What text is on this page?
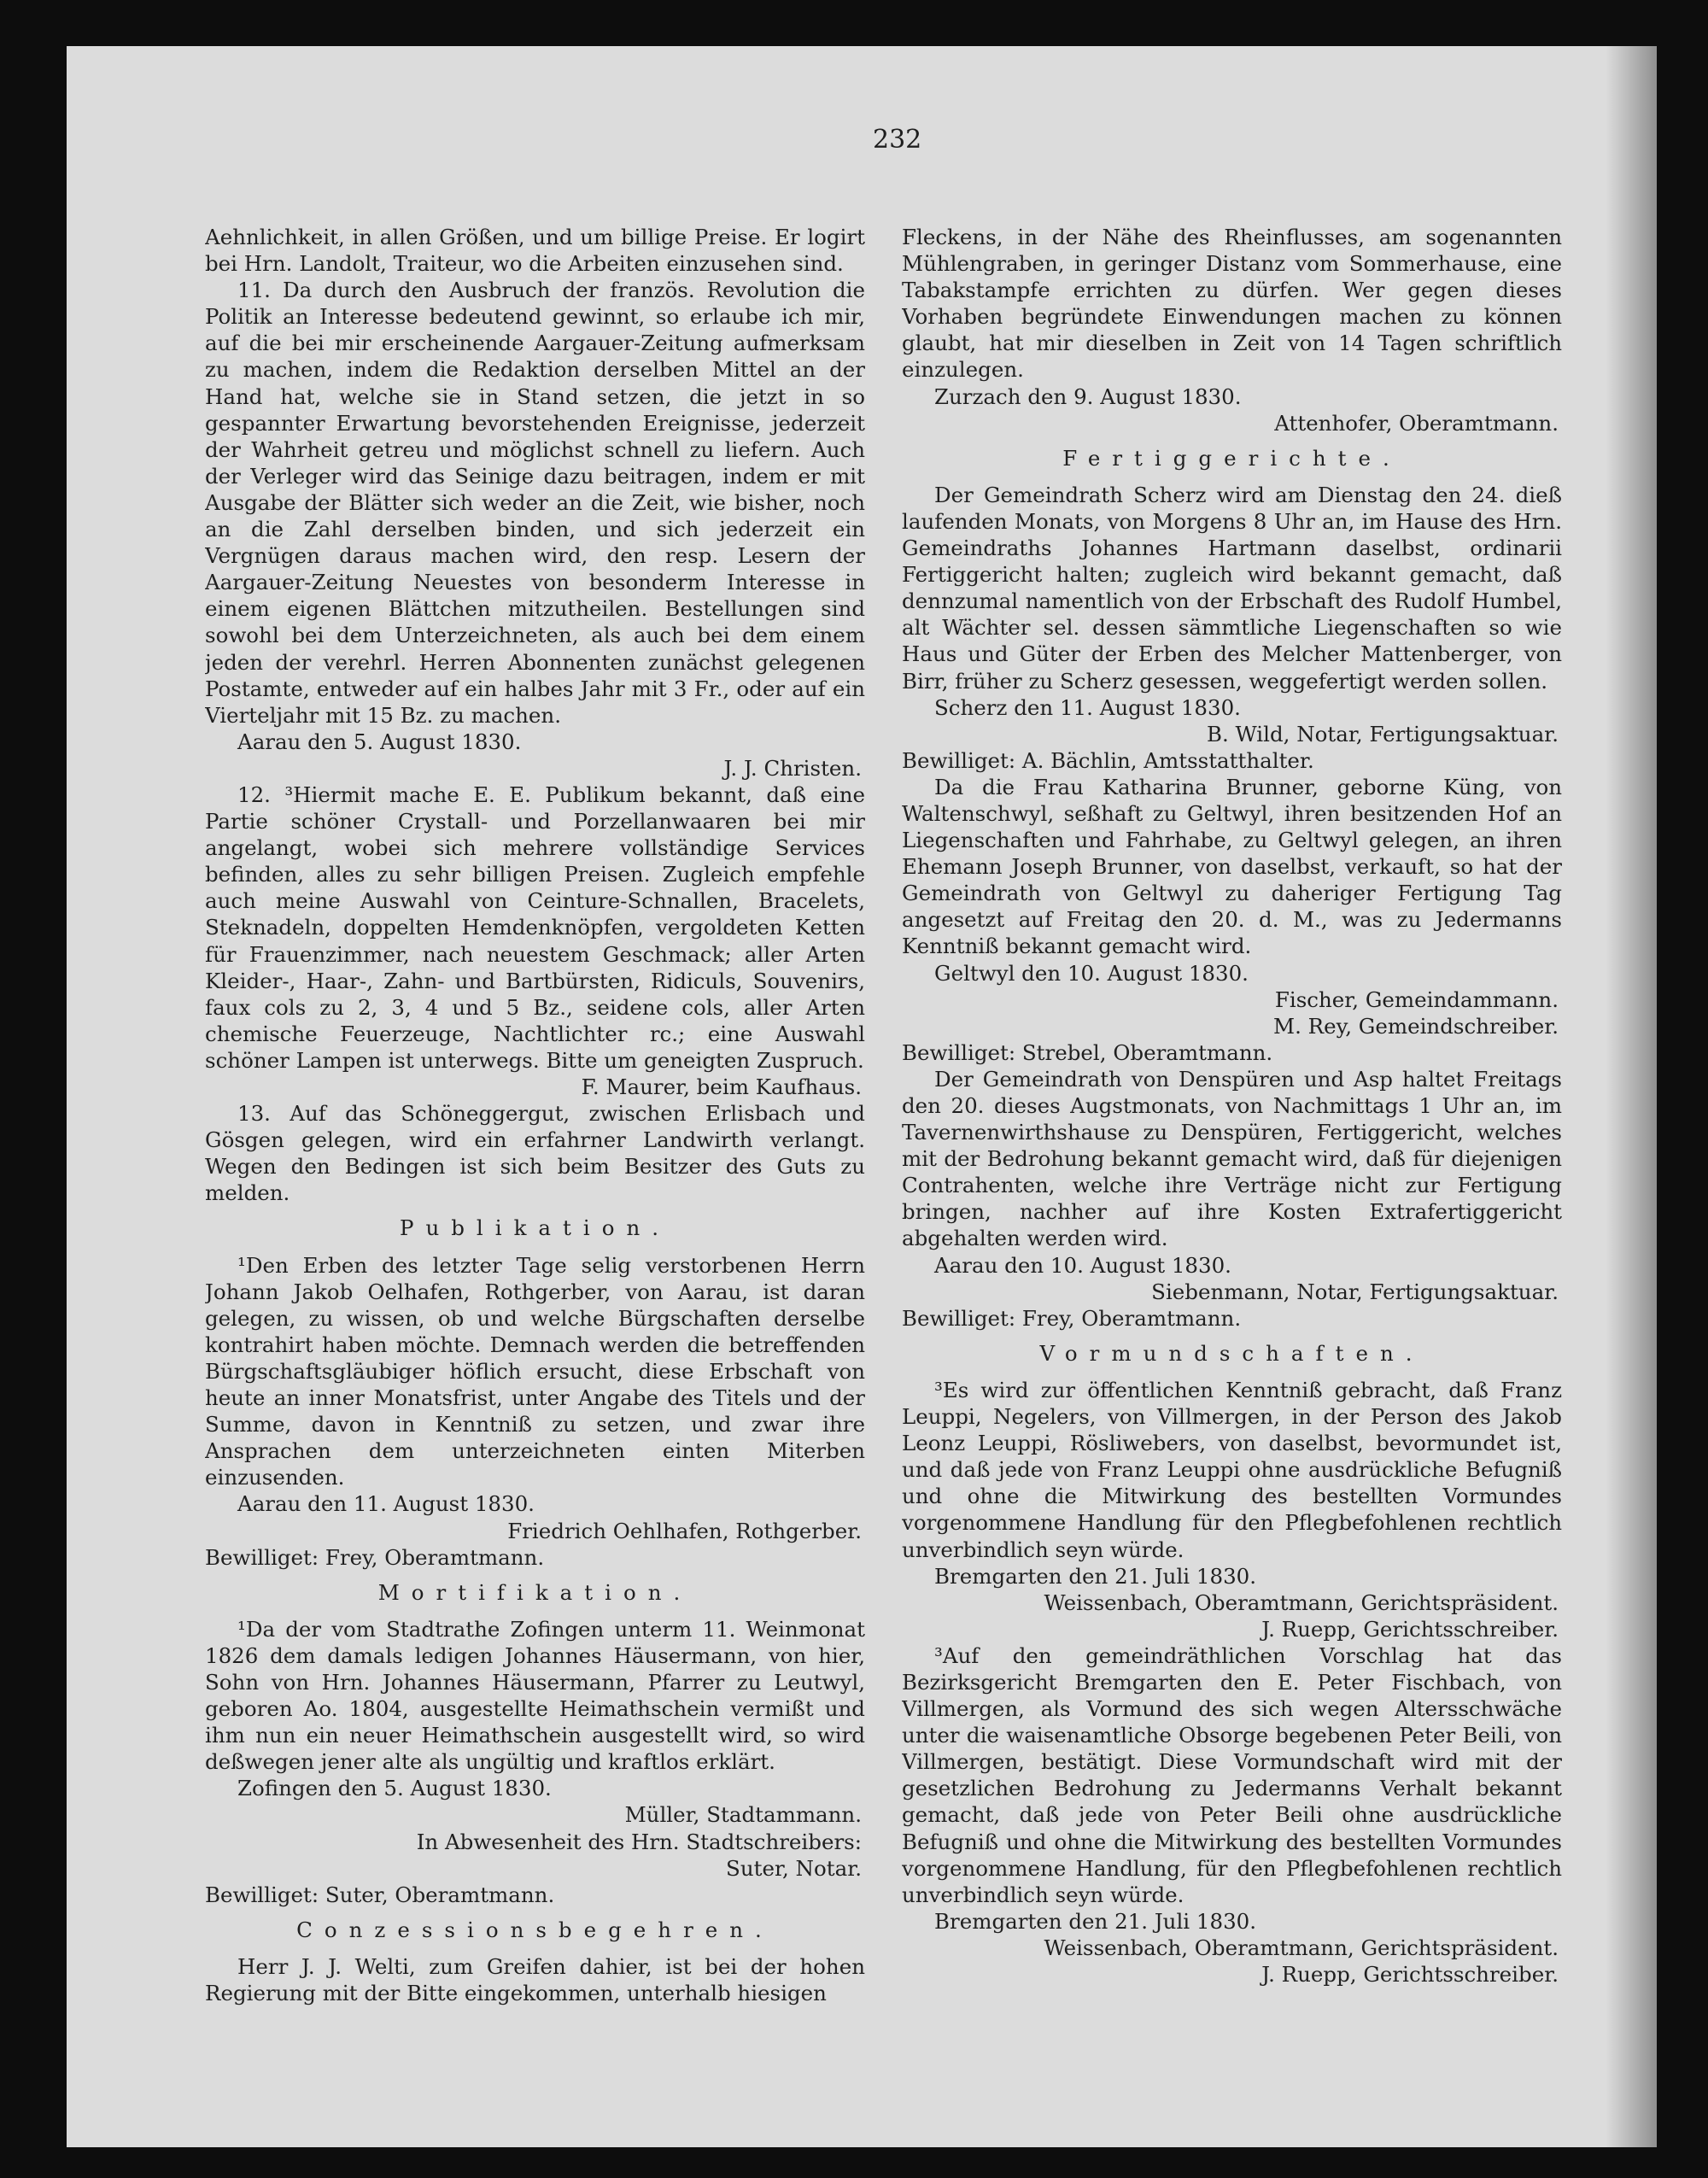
232

Aehnlichkeit, in allen Größen, und um billige Preise. Er logirt bei Hrn. Landolt, Traiteur, wo die Arbeiten einzusehen sind.

11. Da durch den Ausbruch der französ. Revolution die Politik an Interesse bedeutend gewinnt, so erlaube ich mir, auf die bei mir erscheinende Aargauer-Zeitung aufmerksam zu machen, indem die Redaktion derselben Mittel an der Hand hat, welche sie in Stand setzen, die jetzt in so gespannter Erwartung bevorstehenden Ereignisse, jederzeit der Wahrheit getreu und möglichst schnell zu liefern. Auch der Verleger wird das Seinige dazu beitragen, indem er mit Ausgabe der Blätter sich weder an die Zeit, wie bisher, noch an die Zahl derselben binden, und sich jederzeit ein Vergnügen daraus machen wird, den resp. Lesern der Aargauer-Zeitung Neuestes von besonderm Interesse in einem eigenen Blättchen mitzutheilen. Bestellungen sind sowohl bei dem Unterzeichneten, als auch bei dem einem jeden der verehrl. Herren Abonnenten zunächst gelegenen Postamte, entweder auf ein halbes Jahr mit 3 Fr., oder auf ein Vierteljahr mit 15 Bz. zu machen.

Aarau den 5. August 1830.

J. J. Christen.

12. ³Hiermit mache E. E. Publikum bekannt, daß eine Partie schöner Crystall- und Porzellanwaaren bei mir angelangt, wobei sich mehrere vollständige Services befinden, alles zu sehr billigen Preisen. Zugleich empfehle auch meine Auswahl von Ceinture-Schnallen, Bracelets, Steknadeln, doppelten Hemdenknöpfen, vergoldeten Ketten für Frauenzimmer, nach neuestem Geschmack; aller Arten Kleider-, Haar-, Zahn- und Bartbürsten, Ridiculs, Souvenirs, faux cols zu 2, 3, 4 und 5 Bz., seidene cols, aller Arten chemische Feuerzeuge, Nachtlichter rc.; eine Auswahl schöner Lampen ist unterwegs. Bitte um geneigten Zuspruch.

F. Maurer, beim Kaufhaus.

13. Auf das Schöneggergut, zwischen Erlisbach und Gösgen gelegen, wird ein erfahrner Landwirth verlangt. Wegen den Bedingen ist sich beim Besitzer des Guts zu melden.

Publikation.

¹Den Erben des letzter Tage selig verstorbenen Herrn Johann Jakob Oelhafen, Rothgerber, von Aarau, ist daran gelegen, zu wissen, ob und welche Bürgschaften derselbe kontrahirt haben möchte. Demnach werden die betreffenden Bürgschaftsgläubiger höflich ersucht, diese Erbschaft von heute an inner Monatsfrist, unter Angabe des Titels und der Summe, davon in Kenntniß zu setzen, und zwar ihre Ansprachen dem unterzeichneten einten Miterben einzusenden.

Aarau den 11. August 1830.

Friedrich Oehlhafen, Rothgerber.

Bewilliget: Frey, Oberamtmann.

Mortifikation.

¹Da der vom Stadtrathe Zofingen unterm 11. Weinmonat 1826 dem damals ledigen Johannes Häusermann, von hier, Sohn von Hrn. Johannes Häusermann, Pfarrer zu Leutwyl, geboren Ao. 1804, ausgestellte Heimathschein vermißt und ihm nun ein neuer Heimathschein ausgestellt wird, so wird deßwegen jener alte als ungültig und kraftlos erklärt.

Zofingen den 5. August 1830.

Müller, Stadtammann.

In Abwesenheit des Hrn. Stadtschreibers:

Suter, Notar.

Bewilliget: Suter, Oberamtmann.

Conzessionsbegehren.

Herr J. J. Welti, zum Greifen dahier, ist bei der hohen Regierung mit der Bitte eingekommen, unterhalb hiesigen

Fleckens, in der Nähe des Rheinflusses, am sogenannten Mühlengraben, in geringer Distanz vom Sommerhause, eine Tabakstampfe errichten zu dürfen. Wer gegen dieses Vorhaben begründete Einwendungen machen zu können glaubt, hat mir dieselben in Zeit von 14 Tagen schriftlich einzulegen.

Zurzach den 9. August 1830.

Attenhofer, Oberamtmann.

Fertiggerichte.

Der Gemeindrath Scherz wird am Dienstag den 24. dieß laufenden Monats, von Morgens 8 Uhr an, im Hause des Hrn. Gemeindraths Johannes Hartmann daselbst, ordinarii Fertiggericht halten; zugleich wird bekannt gemacht, daß dennzumal namentlich von der Erbschaft des Rudolf Humbel, alt Wächter sel. dessen sämmtliche Liegenschaften so wie Haus und Güter der Erben des Melcher Mattenberger, von Birr, früher zu Scherz gesessen, weggefertigt werden sollen.

Scherz den 11. August 1830.

B. Wild, Notar, Fertigungsaktuar.

Bewilliget: A. Bächlin, Amtsstatthalter.

Da die Frau Katharina Brunner, geborne Küng, von Waltenschwyl, seßhaft zu Geltwyl, ihren besitzenden Hof an Liegenschaften und Fahrhabe, zu Geltwyl gelegen, an ihren Ehemann Joseph Brunner, von daselbst, verkauft, so hat der Gemeindrath von Geltwyl zu daheriger Fertigung Tag angesetzt auf Freitag den 20. d. M., was zu Jedermanns Kenntniß bekannt gemacht wird.

Geltwyl den 10. August 1830.

Fischer, Gemeindammann.

M. Rey, Gemeindschreiber.

Bewilliget: Strebel, Oberamtmann.

Der Gemeindrath von Denspüren und Asp haltet Freitags den 20. dieses Augstmonats, von Nachmittags 1 Uhr an, im Tavernenwirthshause zu Denspüren, Fertiggericht, welches mit der Bedrohung bekannt gemacht wird, daß für diejenigen Contrahenten, welche ihre Verträge nicht zur Fertigung bringen, nachher auf ihre Kosten Extrafertiggericht abgehalten werden wird.

Aarau den 10. August 1830.

Siebenmann, Notar, Fertigungsaktuar.

Bewilliget: Frey, Oberamtmann.

Vormundschaften.

³Es wird zur öffentlichen Kenntniß gebracht, daß Franz Leuppi, Negelers, von Villmergen, in der Person des Jakob Leonz Leuppi, Rösliwebers, von daselbst, bevormundet ist, und daß jede von Franz Leuppi ohne ausdrückliche Befugniß und ohne die Mitwirkung des bestellten Vormundes vorgenommene Handlung für den Pflegbefohlenen rechtlich unverbindlich seyn würde.

Bremgarten den 21. Juli 1830.

Weissenbach, Oberamtmann, Gerichtspräsident.

J. Ruepp, Gerichtsschreiber.

³Auf den gemeindräthlichen Vorschlag hat das Bezirksgericht Bremgarten den E. Peter Fischbach, von Villmergen, als Vormund des sich wegen Altersschwäche unter die waisenamtliche Obsorge begebenen Peter Beili, von Villmergen, bestätigt. Diese Vormundschaft wird mit der gesetzlichen Bedrohung zu Jedermanns Verhalt bekannt gemacht, daß jede von Peter Beili ohne ausdrückliche Befugniß und ohne die Mitwirkung des bestellten Vormundes vorgenommene Handlung, für den Pflegbefohlenen rechtlich unverbindlich seyn würde.

Bremgarten den 21. Juli 1830.

Weissenbach, Oberamtmann, Gerichtspräsident.

J. Ruepp, Gerichtsschreiber.
